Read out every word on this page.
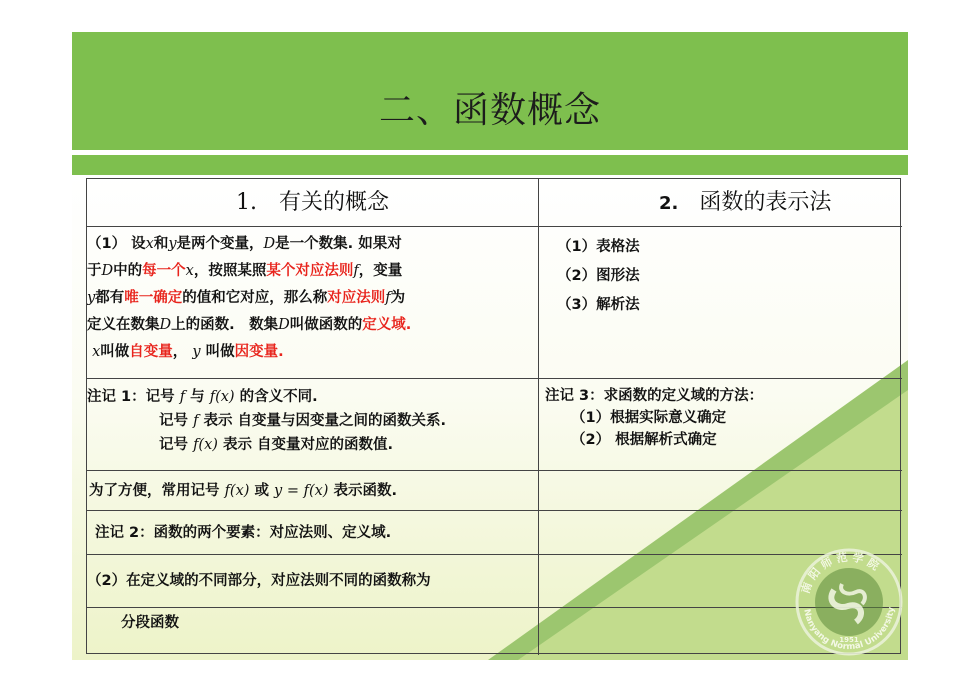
二、函数概念
1.　有关的概念	2. 函数的表示法
（1） 设x和y是两个变量，D是一个数集. 如果对
于D中的每一个x，按照某照某个对应法则f，变量
y都有唯一确定的值和它对应，那么称对应法则f为
定义在数集D上的函数.　数集D叫做函数的定义域.
x叫做自变量， y 叫做因变量.
（1）表格法
（2）图形法
（3）解析法
注记 1：记号 f 与 f(x) 的含义不同.
记号 f 表示 自变量与因变量之间的函数关系.
记号 f(x) 表示 自变量对应的函数值.
注记 3：求函数的定义域的方法：
（1）根据实际意义确定
（2） 根据解析式确定
为了方便，常用记号 f(x) 或 y = f(x) 表示函数.
注记 2：函数的两个要素：对应法则、定义域.
（2）在定义域的不同部分，对应法则不同的函数称为
分段函数
南 阳 师 范 学 院
1951
Nanyang Normal University
